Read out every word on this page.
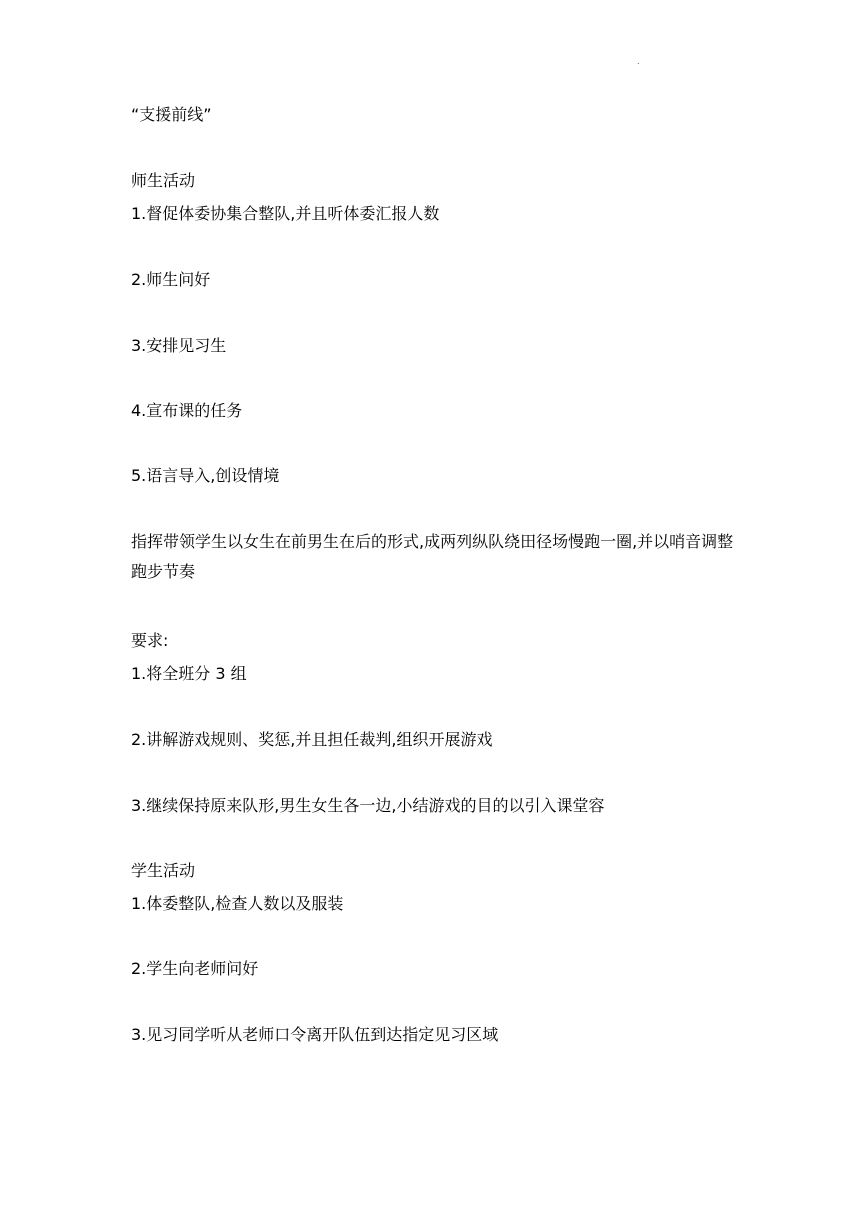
.
“支援前线”
师生活动
1.督促体委协集合整队,并且听体委汇报人数
2.师生问好
3.安排见习生
4.宣布课的任务
5.语言导入,创设情境
指挥带领学生以女生在前男生在后的形式,成两列纵队绕田径场慢跑一圈,并以哨音调整跑步节奏
要求:
1.将全班分 3 组
2.讲解游戏规则、奖惩,并且担任裁判,组织开展游戏
3.继续保持原来队形,男生女生各一边,小结游戏的目的以引入课堂容
学生活动
1.体委整队,检查人数以及服装
2.学生向老师问好
3.见习同学听从老师口令离开队伍到达指定见习区域
